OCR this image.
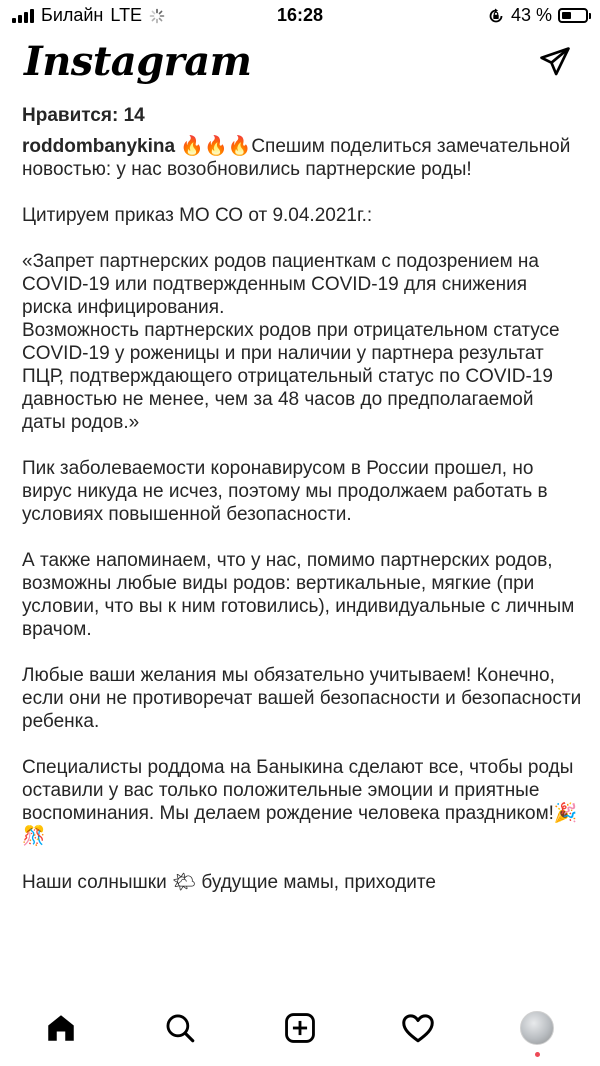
Билайн LTE	16:28	43 %
Instagram
Нравится: 14

roddombanykina 🔥🔥🔥Спешим поделиться замечательной новостью: у нас возобновились партнерские роды!

Цитируем приказ МО СО от 9.04.2021г.:

«Запрет партнерских родов пациенткам с подозрением на COVID-19 или подтвержденным COVID-19 для снижения риска инфицирования.

Возможность партнерских родов при отрицательном статусе COVID-19 у роженицы и при наличии у партнера результат ПЦР, подтверждающего отрицательный статус по COVID-19 давностью не менее, чем за 48 часов до предполагаемой даты родов.»

Пик заболеваемости коронавирусом в России прошел, но вирус никуда не исчез, поэтому мы продолжаем работать в условиях повышенной безопасности.

А также напоминаем, что у нас, помимо партнерских родов, возможны любые виды родов: вертикальные, мягкие (при условии, что вы к ним готовились), индивидуальные с личным врачом.

Любые ваши желания мы обязательно учитываем! Конечно, если они не противоречат вашей безопасности и безопасности ребенка.

Специалисты роддома на Баныкина сделают все, чтобы роды оставили у вас только положительные эмоции и приятные воспоминания. Мы делаем рождение человека праздником!🎉🎊

Наши солнышки 🌤 будущие мамы, приходите
